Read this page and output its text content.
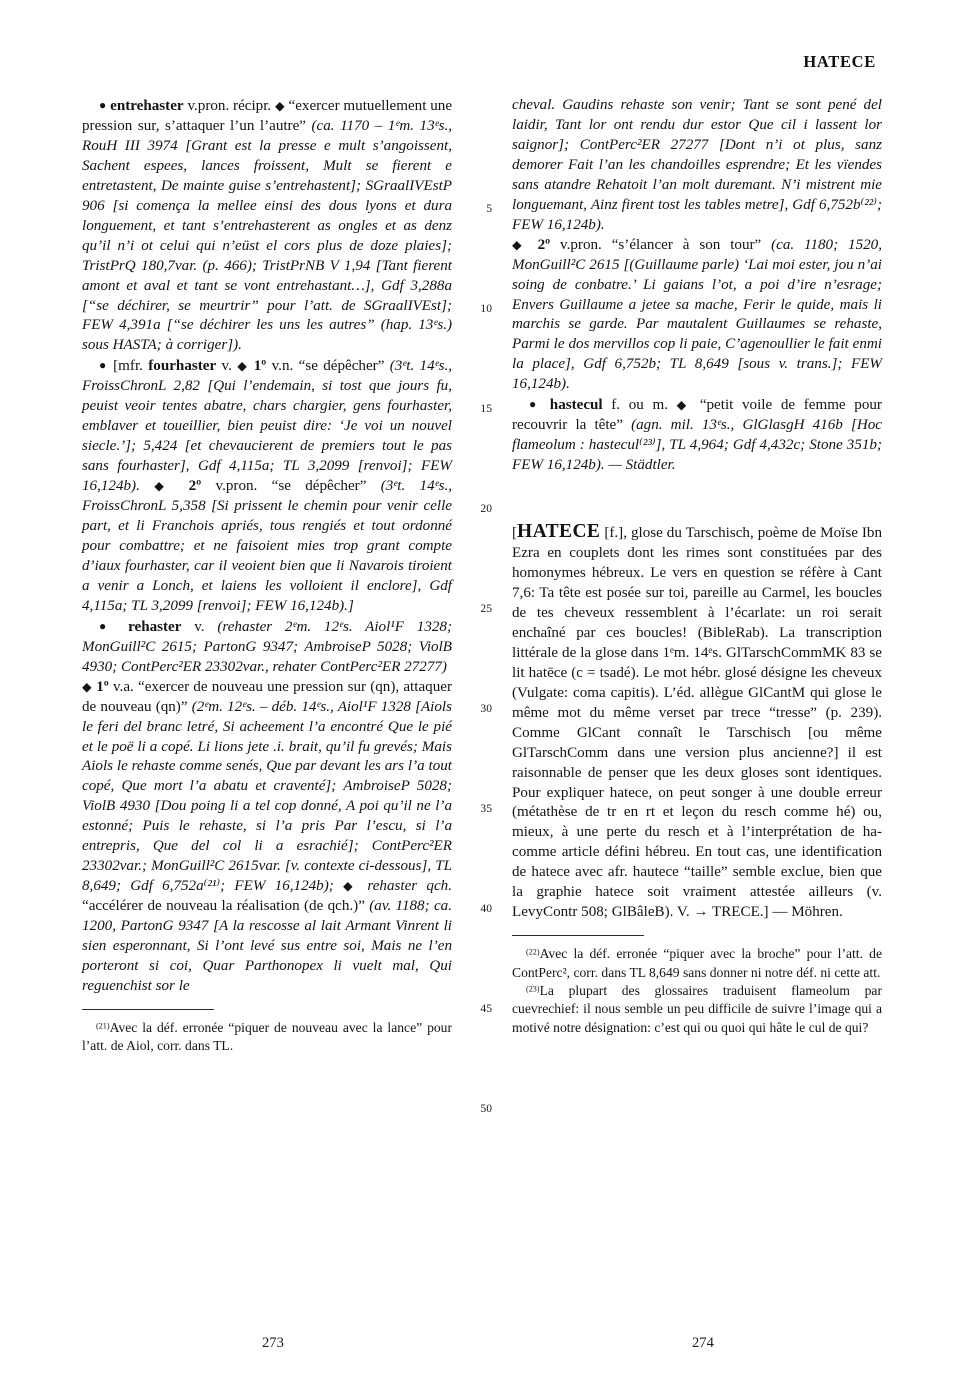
HATECE
5
10
15
20
25
30
35
40
45
50
● entrehaster v.pron. récipr. ◆ “exercer mutuellement une pression sur, s’attaquer l’un l’autre” (ca. 1170 – 1ᵉm. 13ᵉs., RouH III 3974 [Grant est la presse e mult s’angoissent, Sachent espees, lances froissent, Mult se fierent e entretastent, De mainte guise s’entrehastent]; SGraalIVEstP 906 [si comença la mellee einsi des dous lyons et dura longuement, et tant s’entrehasterent as ongles et as denz qu’il n’i ot celui qui n’eüst el cors plus de doze plaies]; TristPrQ 180,7var. (p. 466); TristPrNB V 1,94 [Tant fierent amont et aval et tant se vont entrehastant…], Gdf 3,288a [“se déchirer, se meurtrir” pour l’att. de SGraalIVEst]; FEW 4,391a [“se déchirer les uns les autres” (hap. 13ᵉs.) sous HASTA; à corriger]).
● [mfr. fourhaster v. ◆ 1º v.n. “se dépêcher” (3ᵉt. 14ᵉs., FroissChronL 2,82 [Qui l’endemain, si tost que jours fu, peuist veoir tentes abatre, chars chargier, gens fourhaster, emblaver et toueillier, bien peuist dire: ‘Je voi un nouvel siecle.’]; 5,424 [et chevaucierent de premiers tout le pas sans fourhaster], Gdf 4,115a; TL 3,2099 [renvoi]; FEW 16,124b). ◆ 2º v.pron. “se dépêcher” (3ᵉt. 14ᵉs., FroissChronL 5,358 [Si prissent le chemin pour venir celle part, et li Franchois apriés, tous rengiés et tout ordonné pour combattre; et ne faisoient mies trop grant compte d’iaux fourhaster, car il veoient bien que li Navarois tiroient a venir a Lonch, et laiens les volloient il enclore], Gdf 4,115a; TL 3,2099 [renvoi]; FEW 16,124b).]
● rehaster v. (rehaster 2ᵉm. 12ᵉs. Aiol¹F 1328; MonGuill²C 2615; PartonG 9347; AmbroiseP 5028; ViolB 4930; ContPerc²ER 23302var., rehater ContPerc²ER 27277)
◆ 1º v.a. “exercer de nouveau une pression sur (qn), attaquer de nouveau (qn)” (2ᵉm. 12ᵉs. – déb. 14ᵉs., Aiol¹F 1328 [Aiols le feri del branc letré, Si acheement l’a encontré Que le pié et le poë li a copé. Li lions jete .i. brait, qu’il fu grevés; Mais Aiols le rehaste comme senés, Que par devant les ars l’a tout copé, Que mort l’a abatu et craventé]; AmbroiseP 5028; ViolB 4930 [Dou poing li a tel cop donné, A poi qu’il ne l’a estonné; Puis le rehaste, si l’a pris Par l’escu, si l’a entrepris, Que del col li a esrachié]; ContPerc²ER 23302var.; MonGuill²C 2615var. [v. contexte ci-dessous], TL 8,649; Gdf 6,752a⁽²¹⁾; FEW 16,124b); ◆ rehaster qch. “accélérer de nouveau la réalisation (de qch.)” (av. 1188; ca. 1200, PartonG 9347 [A la rescosse al lait Armant Vinrent li sien esperonnant, Si l’ont levé sus entre soi, Mais ne l’en porteront si coi, Quar Parthonopex li vuelt mal, Qui reguenchist sor le

$^{(21)}$Avec la déf. erronée “piquer de nouveau avec la lance” pour l’att. de Aiol, corr. dans TL.

cheval. Gaudins rehaste son venir; Tant se sont pené del laidir, Tant lor ont rendu dur estor Que cil i lassent lor saignor]; ContPerc²ER 27277 [Dont n’i ot plus, sanz demorer Fait l’an les chandoilles esprendre; Et les vïendes sans atandre Rehatoit l’an molt duremant. N’i mistrent mie longuemant, Ainz firent tost les tables metre], Gdf 6,752b⁽²²⁾; FEW 16,124b).
◆ 2º v.pron. “s’élancer à son tour” (ca. 1180; 1520, MonGuill²C 2615 [(Guillaume parle) ‘Lai moi ester, jou n’ai soing de conbatre.’ Li gaians l’ot, a poi d’ire n’esrage; Envers Guillaume a jetee sa mache, Ferir le quide, mais li marchis se garde. Par mautalent Guillaumes se rehaste, Parmi le dos mervillos cop li paie, C’agenoullier le fait enmi la place], Gdf 6,752b; TL 8,649 [sous v. trans.]; FEW 16,124b).
● hastecul f. ou m. ◆ “petit voile de femme pour recouvrir la tête” (agn. mil. 13ᵉs., GlGlasgH 416b [Hoc flameolum : hastecul⁽²³⁾], TL 4,964; Gdf 4,432c; Stone 351b; FEW 16,124b). — Städtler.
[HATECE [f.], glose du Tarschisch, poème de Moïse Ibn Ezra en couplets dont les rimes sont constituées par des homonymes hébreux. Le vers en question se réfère à Cant 7,6: Ta tête est posée sur toi, pareille au Carmel, les boucles de tes cheveux ressemblent à l’écarlate: un roi serait enchaîné par ces boucles! (BibleRab). La transcription littérale de la glose dans 1ᵉm. 14ᵉs. GlTarschCommMK 83 se lit hatēce (c = tsadé). Le mot hébr. glosé désigne les cheveux (Vulgate: coma capitis). L’éd. allègue GlCantM qui glose le même mot du même verset par trece “tresse” (p. 239). Comme GlCant connaît le Tarschisch [ou même GlTarschComm dans une version plus ancienne?] il est raisonnable de penser que les deux gloses sont identiques. Pour expliquer hatece, on peut songer à une double erreur (métathèse de tr en rt et leçon du resch comme hé) ou, mieux, à une perte du resch et à l’interprétation de ha- comme article défini hébreu. En tout cas, une identification de hatece avec afr. hautece “taille” semble exclue, bien que la graphie hatece soit vraiment attestée ailleurs (v. LevyContr 508; GlBâleB). V. → TRECE.] — Möhren.

$^{(22)}$Avec la déf. erronée “piquer avec la broche” pour l’att. de ContPerc², corr. dans TL 8,649 sans donner ni notre déf. ni cette att.

$^{(23)}$La plupart des glossaires traduisent flameolum par cuevrechief: il nous semble un peu difficile de suivre l’image qui a motivé notre désignation: c’est qui ou quoi qui hâte le cul de qui?

273	274
